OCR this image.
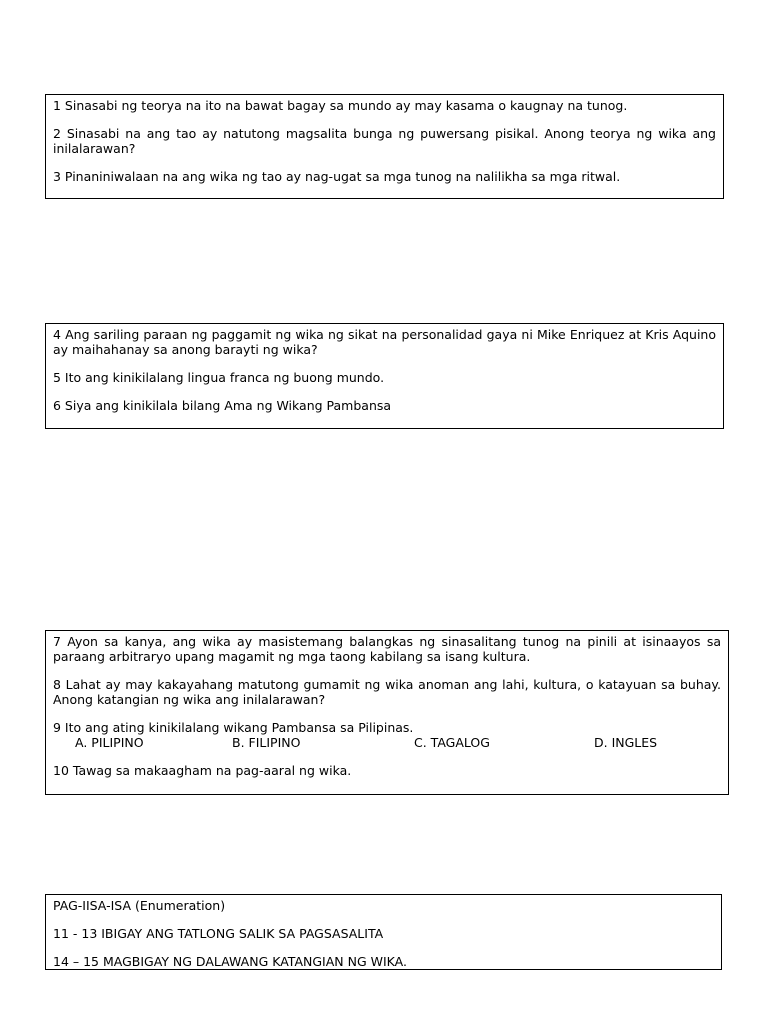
1 Sinasabi ng teorya na ito na bawat bagay sa mundo ay may kasama o kaugnay na tunog.

2 Sinasabi na ang tao ay natutong magsalita bunga ng puwersang pisikal. Anong teorya ng wika ang inilalarawan?

3 Pinaniniwalaan na ang wika ng tao ay nag-ugat sa mga tunog na nalilikha sa mga ritwal.

4 Ang sariling paraan ng paggamit ng wika ng sikat na personalidad gaya ni Mike Enriquez at Kris Aquino ay maihahanay sa anong barayti ng wika?

5 Ito ang kinikilalang lingua franca ng buong mundo.

6 Siya ang kinikilala bilang Ama ng Wikang Pambansa

7 Ayon sa kanya, ang wika ay masistemang balangkas ng sinasalitang tunog na pinili at isinaayos sa paraang arbitraryo upang magamit ng mga taong kabilang sa isang kultura.

8 Lahat ay may kakayahang matutong gumamit ng wika anoman ang lahi, kultura, o katayuan sa buhay. Anong katangian ng wika ang inilalarawan?

9 Ito ang ating kinikilalang wikang Pambansa sa Pilipinas.

A. PILIPINO	B. FILIPINO	C. TAGALOG	D. INGLES

10 Tawag sa makaagham na pag-aaral ng wika.

PAG-IISA-ISA (Enumeration)

11 - 13 IBIGAY ANG TATLONG SALIK SA PAGSASALITA

14 – 15 MAGBIGAY NG DALAWANG KATANGIAN NG WIKA.
